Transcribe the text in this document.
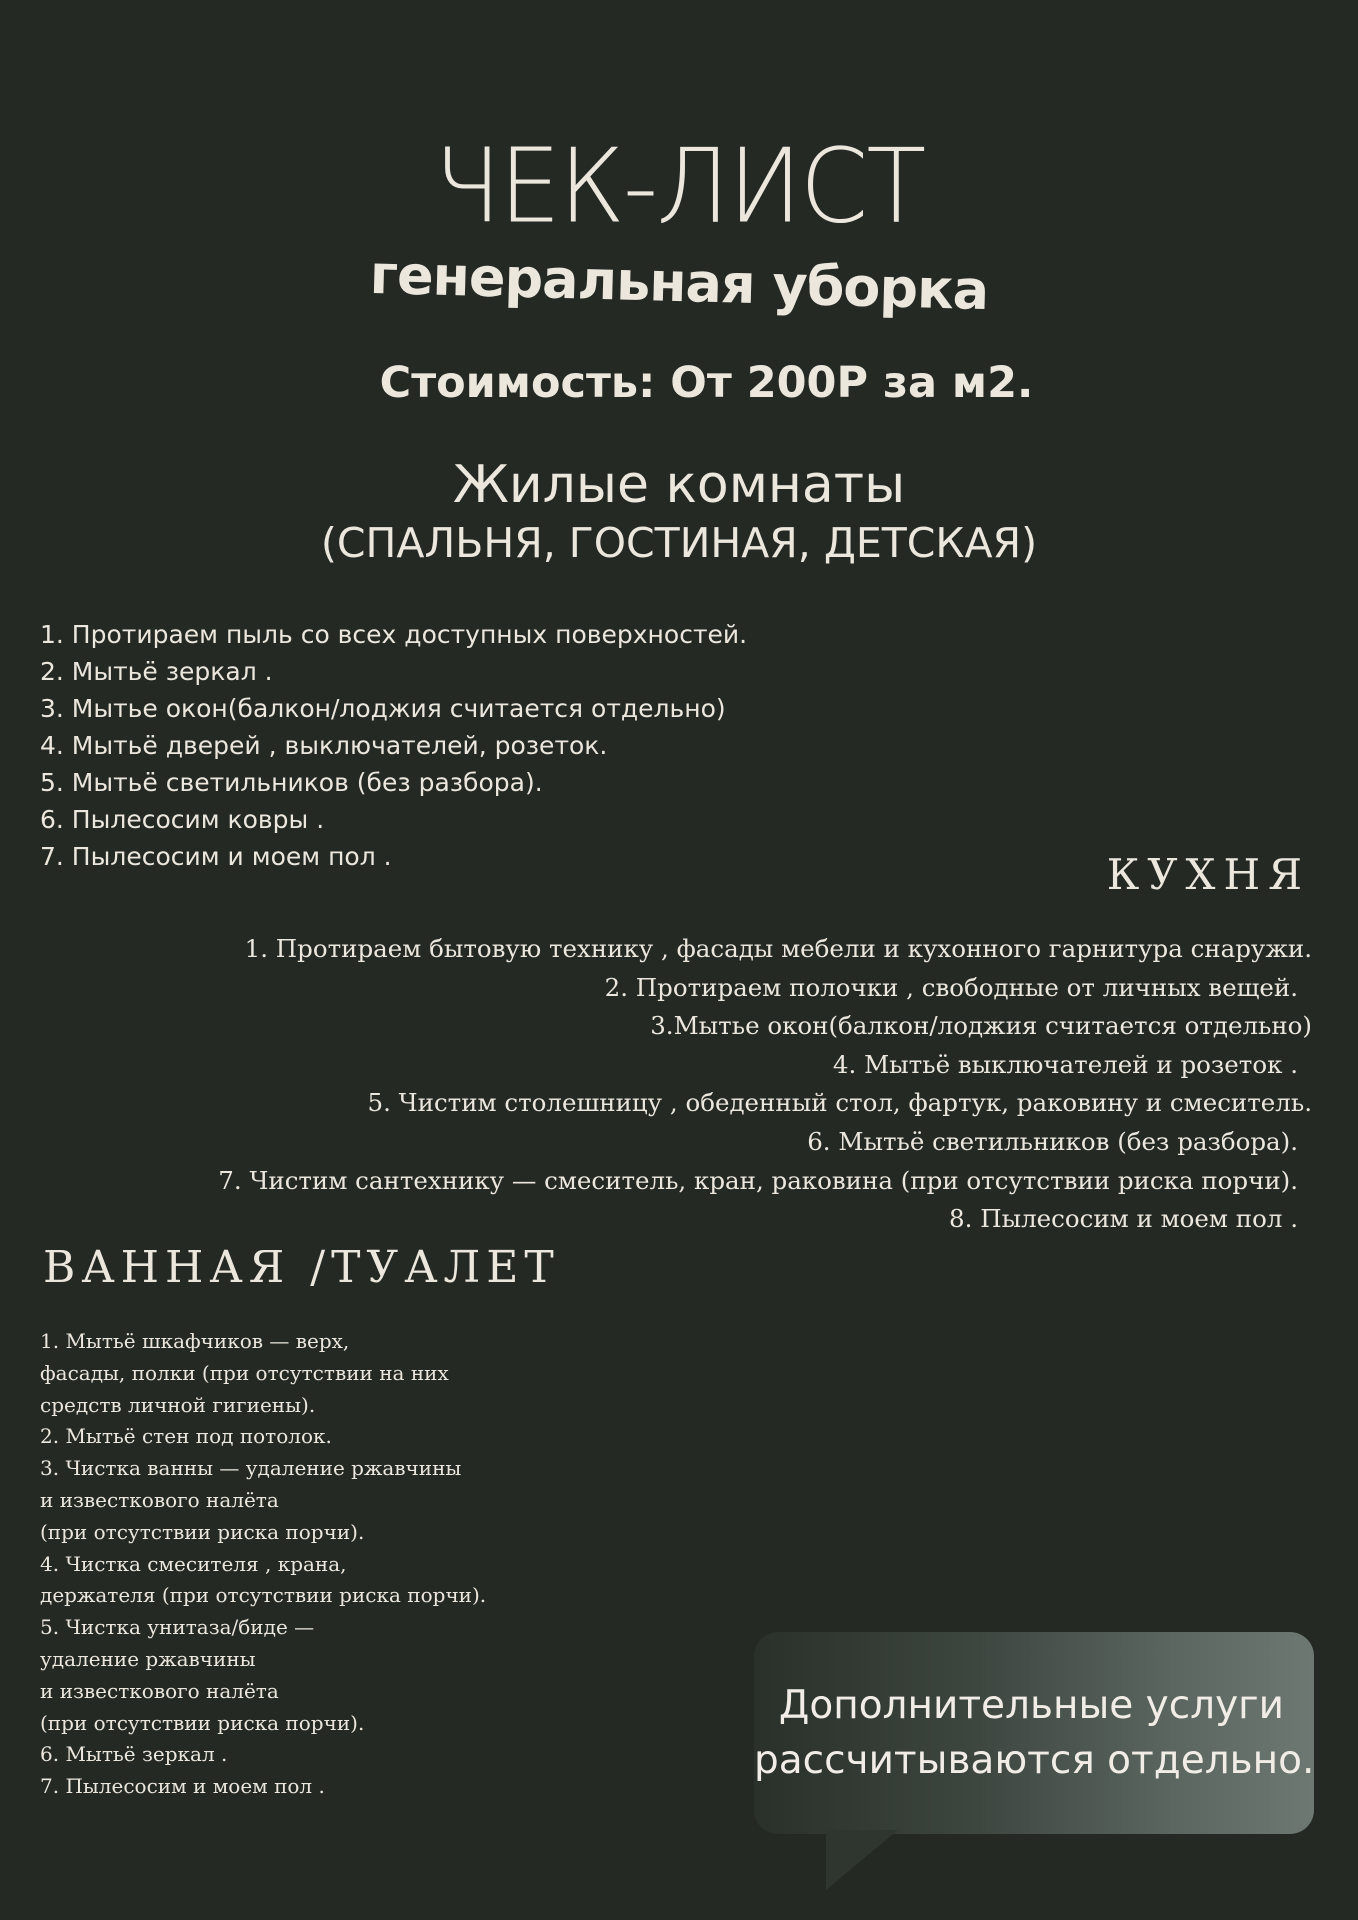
ЧЕК-ЛИСТ
генеральная уборка
Стоимость: От 200Р за м2.
Жилые комнаты
(СПАЛЬНЯ, ГОСТИНАЯ, ДЕТСКАЯ)
1. Протираем пыль со всех доступных поверхностей.
2. Мытьё зеркал .
3. Мытье окон(балкон/лоджия считается отдельно)
4. Мытьё дверей , выключателей, розеток.
5. Мытьё светильников (без разбора).
6. Пылесосим ковры .
7. Пылесосим и моем пол .	КУХНЯ
1. Протираем бытовую технику , фасады мебели и кухонного гарнитура снаружи.
2. Протираем полочки , свободные от личных вещей.
3.Мытье окон(балкон/лоджия считается отдельно)
4. Мытьё выключателей и розеток .
5. Чистим столешницу , обеденный стол, фартук, раковину и смеситель.
6. Мытьё светильников (без разбора).
7. Чистим сантехнику — смеситель, кран, раковина (при отсутствии риска порчи).
8. Пылесосим и моем пол .
ВАННАЯ /ТУАЛЕТ
1. Мытьё шкафчиков — верх,
фасады, полки (при отсутствии на них
средств личной гигиены).
2. Мытьё стен под потолок.
3. Чистка ванны — удаление ржавчины
и известкового налёта
(при отсутствии риска порчи).
4. Чистка смесителя , крана,
держателя (при отсутствии риска порчи).
5. Чистка унитаза/биде —
удаление ржавчины
и известкового налёта
(при отсутствии риска порчи).
6. Мытьё зеркал .
7. Пылесосим и моем пол .
Дополнительные услуги
рассчитываются отдельно.
